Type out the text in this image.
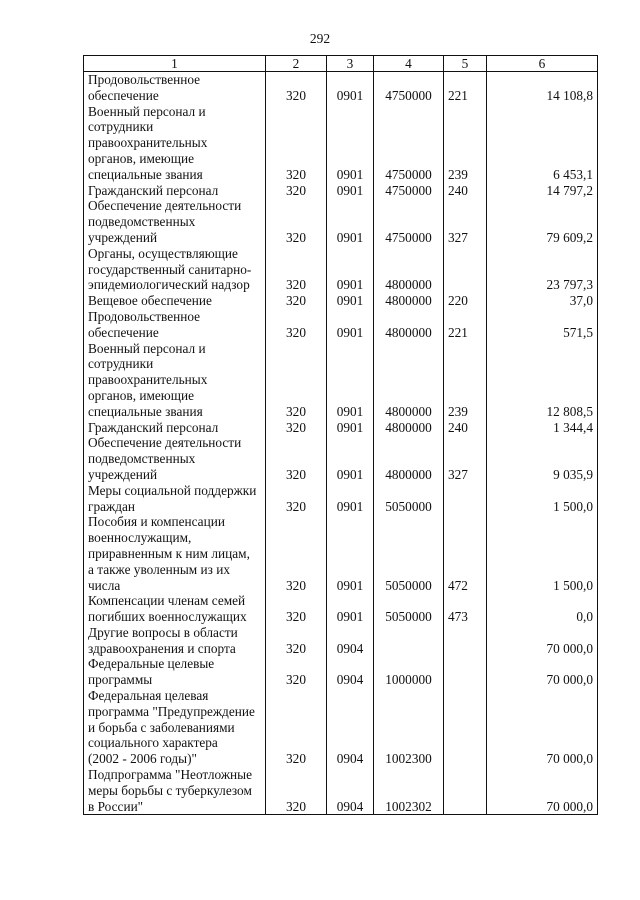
292
1	2	3	4	5	6
Продовольственное
обеспечение	320	0901	4750000	221	14 108,8
Военный персонал и
сотрудники
правоохранительных
органов, имеющие
специальные звания	320	0901	4750000	239	6 453,1
Гражданский персонал	320	0901	4750000	240	14 797,2
Обеспечение деятельности
подведомственных
учреждений	320	0901	4750000	327	79 609,2
Органы, осуществляющие
государственный санитарно-
эпидемиологический надзор	320	0901	4800000		23 797,3
Вещевое обеспечение	320	0901	4800000	220	37,0
Продовольственное
обеспечение	320	0901	4800000	221	571,5
Военный персонал и
сотрудники
правоохранительных
органов, имеющие
специальные звания	320	0901	4800000	239	12 808,5
Гражданский персонал	320	0901	4800000	240	1 344,4
Обеспечение деятельности
подведомственных
учреждений	320	0901	4800000	327	9 035,9
Меры социальной поддержки
граждан	320	0901	5050000		1 500,0
Пособия и компенсации
военнослужащим,
приравненным к ним лицам,
а также уволенным из их
числа	320	0901	5050000	472	1 500,0
Компенсации членам семей
погибших военнослужащих	320	0901	5050000	473	0,0
Другие вопросы в области
здравоохранения и спорта	320	0904			70 000,0
Федеральные целевые
программы	320	0904	1000000		70 000,0
Федеральная целевая
программа "Предупреждение
и борьба с заболеваниями
социального характера
(2002 - 2006 годы)"	320	0904	1002300		70 000,0
Подпрограмма "Неотложные
меры борьбы с туберкулезом
в России"	320	0904	1002302		70 000,0
